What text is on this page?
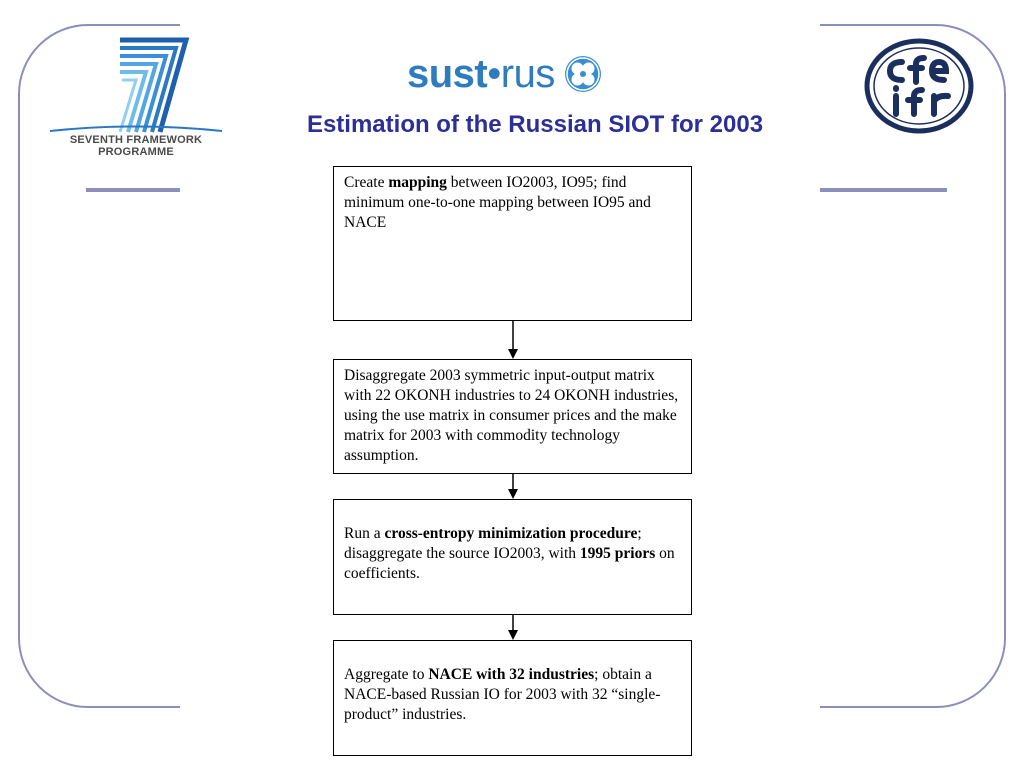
SEVENTH FRAMEWORK
PROGRAMME
sust•rus
Estimation of the Russian SIOT for 2003
Create mapping between IO2003, IO95; find minimum one-to-one mapping between IO95 and NACE
Disaggregate 2003 symmetric input-output matrix with 22 OKONH industries to 24 OKONH industries, using the use matrix in consumer prices and the make matrix for 2003 with commodity technology assumption.
Run a cross-entropy minimization procedure; disaggregate the source IO2003, with 1995 priors on coefficients.
Aggregate to NACE with 32 industries; obtain a NACE-based Russian IO for 2003 with 32 “single-product” industries.
